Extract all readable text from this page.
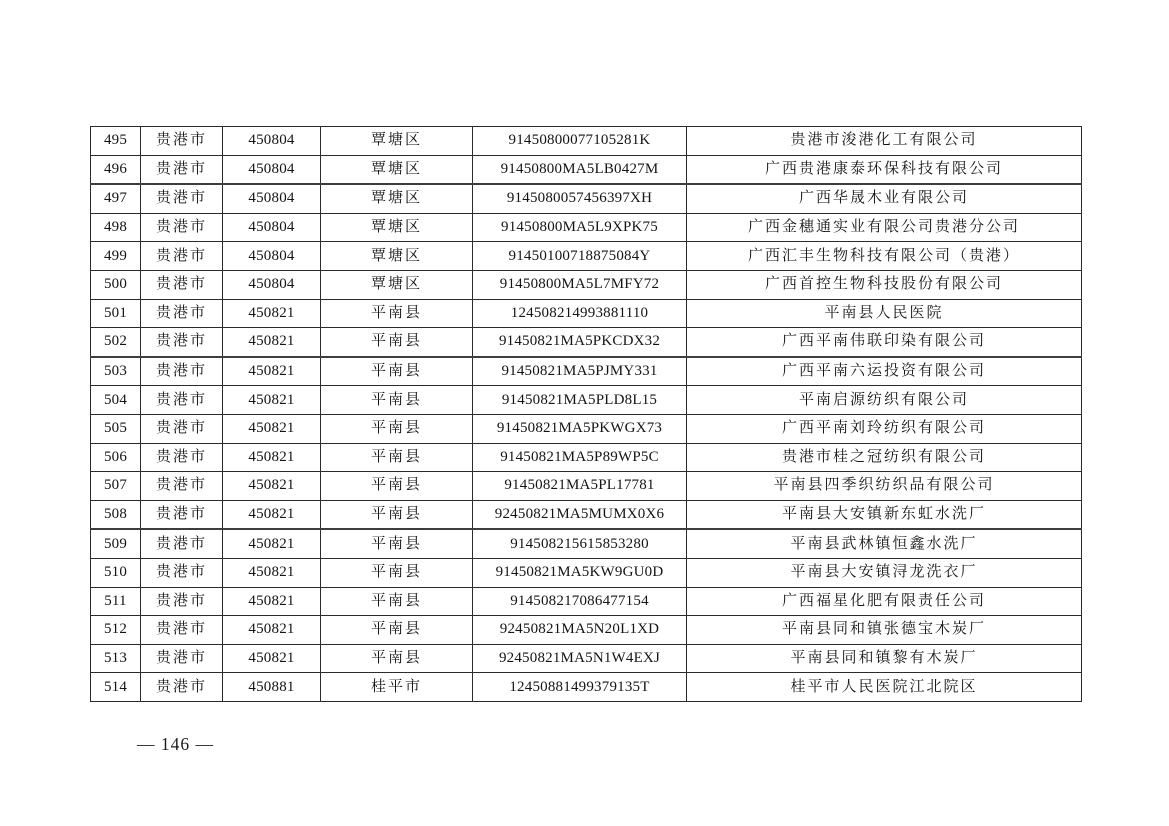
495	贵港市	450804	覃塘区	91450800077105281K	贵港市浚港化工有限公司
496	贵港市	450804	覃塘区	91450800MA5LB0427M	广西贵港康泰环保科技有限公司
497	贵港市	450804	覃塘区	9145080057456397XH	广西华晟木业有限公司
498	贵港市	450804	覃塘区	91450800MA5L9XPK75	广西金穗通实业有限公司贵港分公司
499	贵港市	450804	覃塘区	91450100718875084Y	广西汇丰生物科技有限公司（贵港）
500	贵港市	450804	覃塘区	91450800MA5L7MFY72	广西首控生物科技股份有限公司
501	贵港市	450821	平南县	124508214993881110	平南县人民医院
502	贵港市	450821	平南县	91450821MA5PKCDX32	广西平南伟联印染有限公司
503	贵港市	450821	平南县	91450821MA5PJMY331	广西平南六运投资有限公司
504	贵港市	450821	平南县	91450821MA5PLD8L15	平南启源纺织有限公司
505	贵港市	450821	平南县	91450821MA5PKWGX73	广西平南刘玲纺织有限公司
506	贵港市	450821	平南县	91450821MA5P89WP5C	贵港市桂之冠纺织有限公司
507	贵港市	450821	平南县	91450821MA5PL17781	平南县四季织纺织品有限公司
508	贵港市	450821	平南县	92450821MA5MUMX0X6	平南县大安镇新东虹水洗厂
509	贵港市	450821	平南县	914508215615853280	平南县武林镇恒鑫水洗厂
510	贵港市	450821	平南县	91450821MA5KW9GU0D	平南县大安镇浔龙洗衣厂
511	贵港市	450821	平南县	914508217086477154	广西福星化肥有限责任公司
512	贵港市	450821	平南县	92450821MA5N20L1XD	平南县同和镇张德宝木炭厂
513	贵港市	450821	平南县	92450821MA5N1W4EXJ	平南县同和镇黎有木炭厂
514	贵港市	450881	桂平市	12450881499379135T	桂平市人民医院江北院区
— 146 —
